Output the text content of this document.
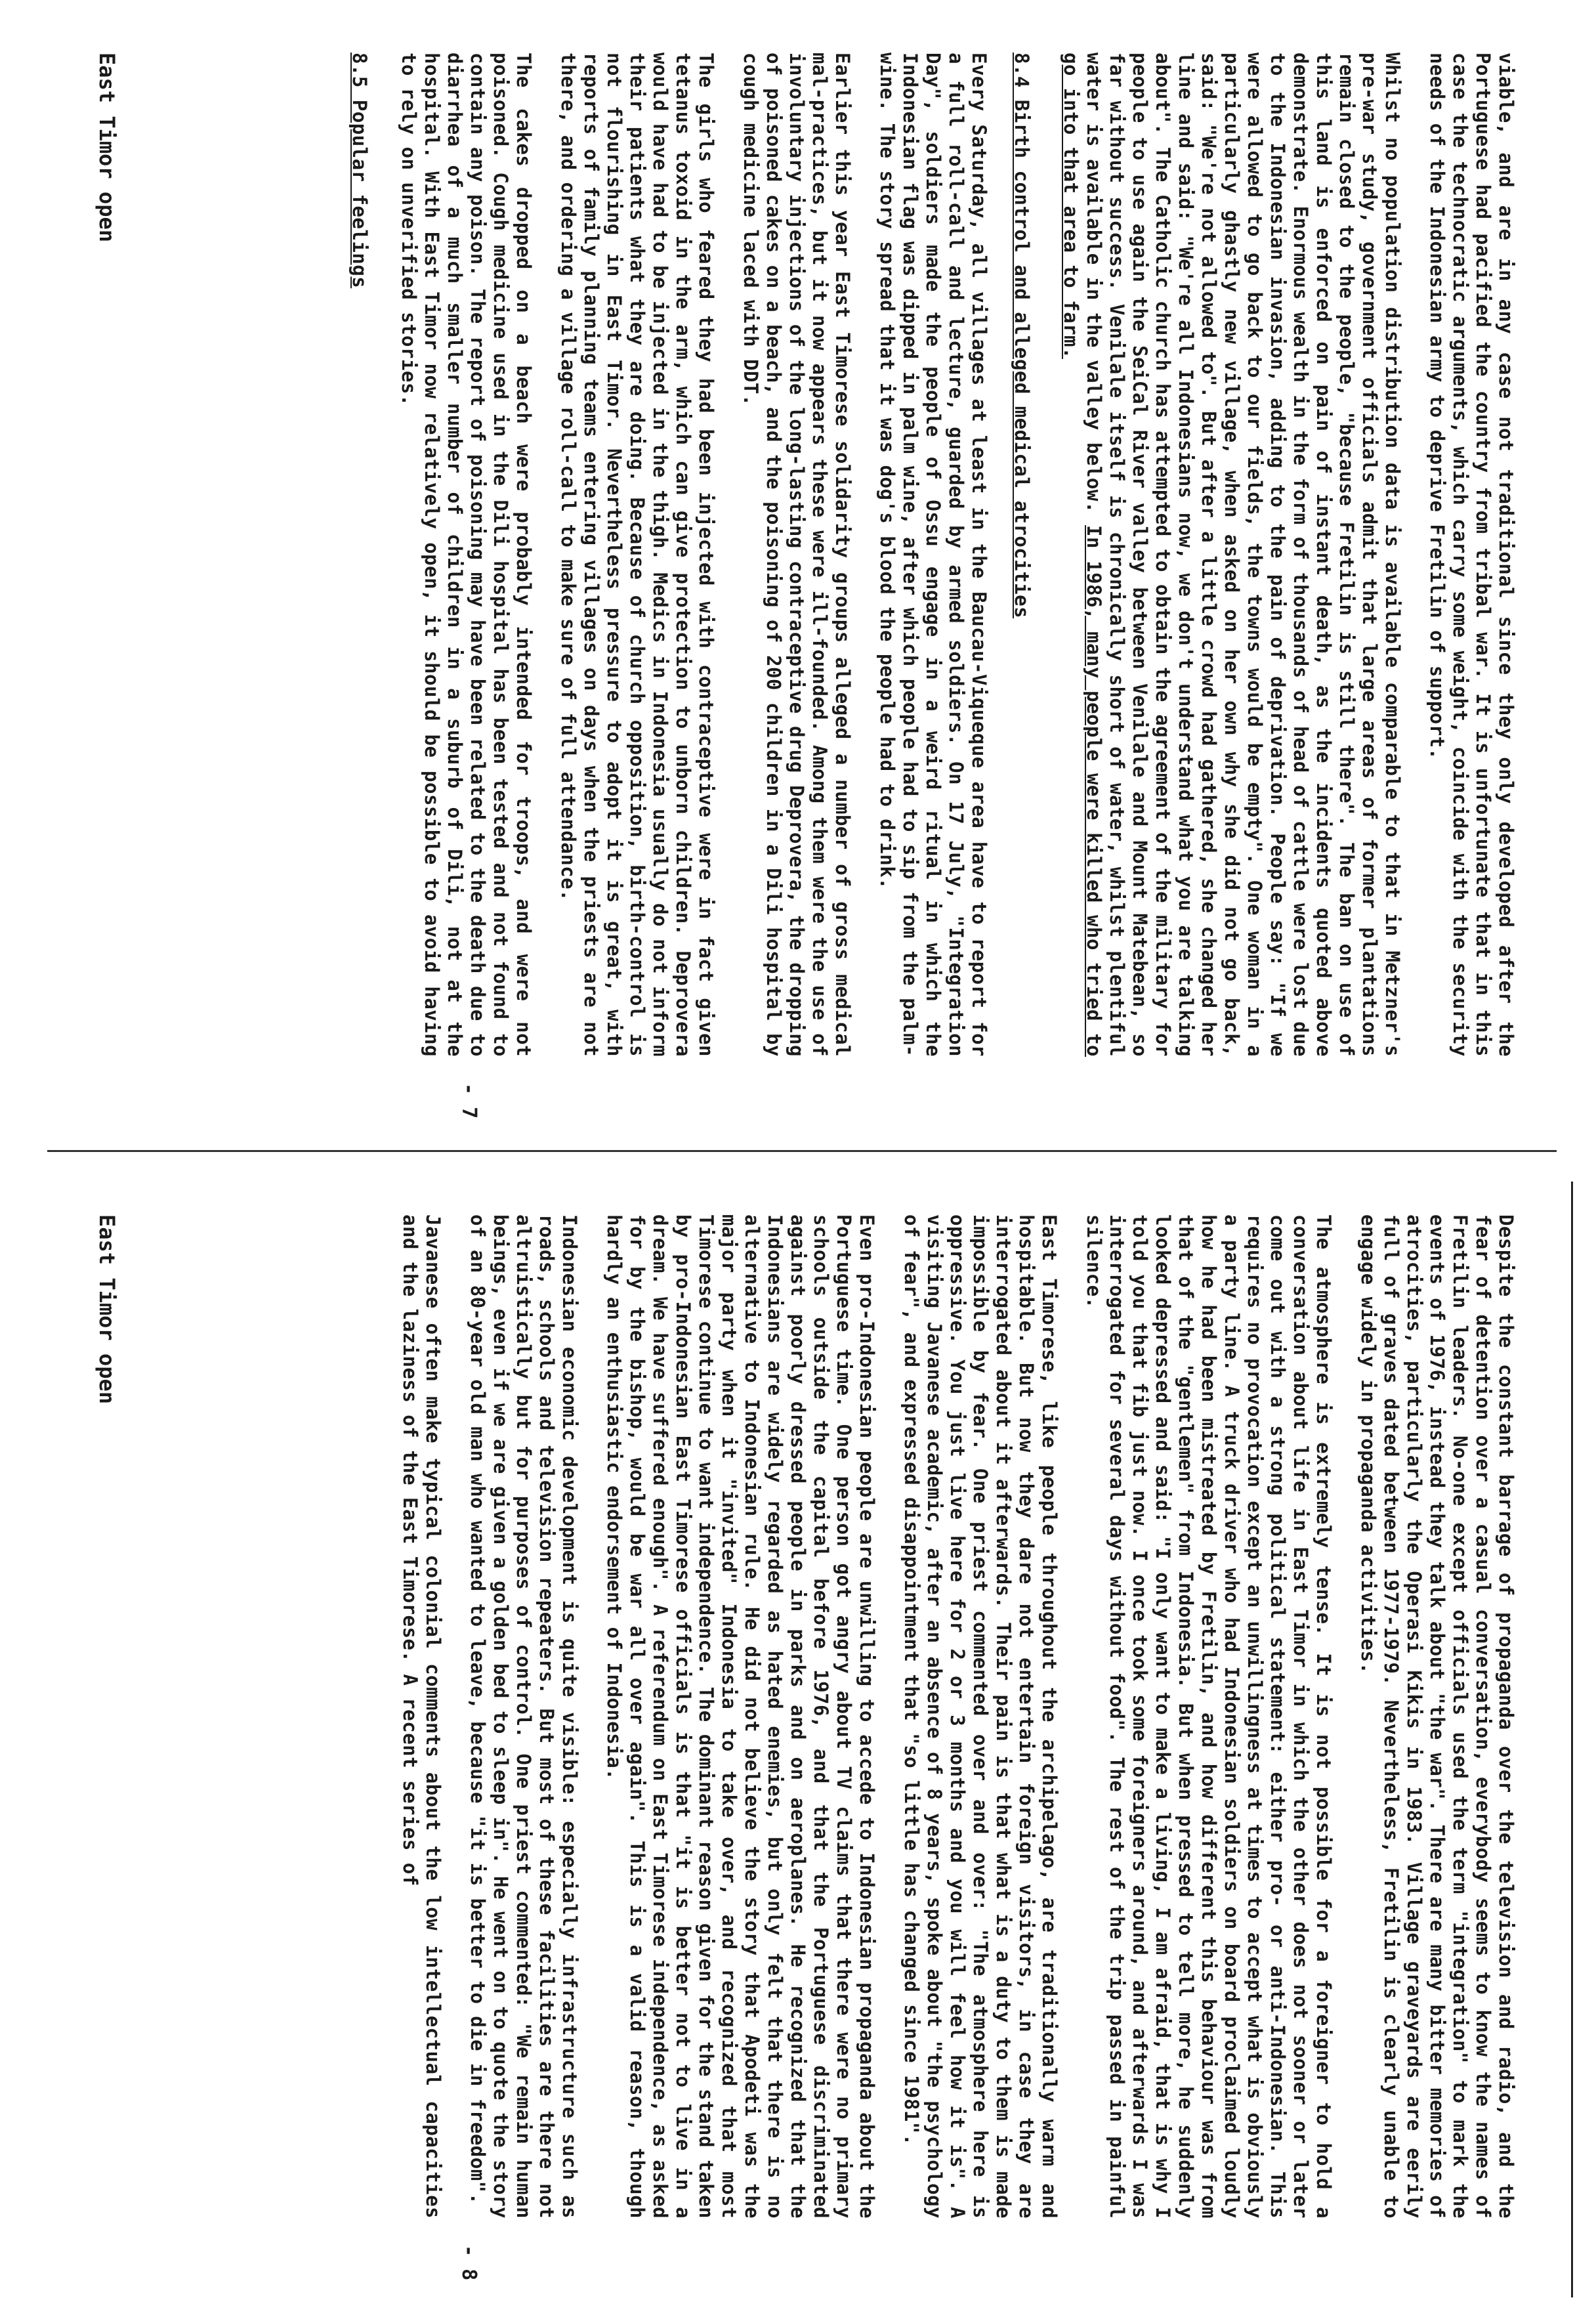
viable, and are in any case not traditional since they only developed after the Portuguese had pacified the country from tribal war. It is unfortunate that in this case the technocratic arguments, which carry some weight, coincide with the security needs of the Indonesian army to deprive Fretilin of support.

Whilst no population distribution data is available comparable to that in Metzner's pre-war study, government officials admit that large areas of former plantations remain closed to the people, "because Fretilin is still there". The ban on use of this land is enforced on pain of instant death, as the incidents quoted above demonstrate. Enormous wealth in the form of thousands of head of cattle were lost due to the Indonesian invasion, adding to the pain of deprivation. People say: "If we were allowed to go back to our fields, the towns would be empty". One woman in a particularly ghastly new village, when asked on her own why she did not go back, said: "We're not allowed to". But after a little crowd had gathered, she changed her line and said: "We're all Indonesians now, we don't understand what you are talking about". The Catholic church has attempted to obtain the agreement of the military for people to use again the SeiCal River valley between Venilale and Mount Matebean, so far without success. Venilale itself is chronically short of water, whilst plentiful water is available in the valley below. In 1986, many people were killed who tried to go into that area to farm.

8.4 Birth control and alleged medical atrocities

Every Saturday, all villages at least in the Baucau-Viqueque area have to report for a full roll-call and lecture, guarded by armed soldiers. On 17 July, "Integration Day", soldiers made the people of Ossu engage in a weird ritual in which the Indonesian flag was dipped in palm wine, after which people had to sip from the palm-wine. The story spread that it was dog's blood the people had to drink.

Earlier this year East Timorese solidarity groups alleged a number of gross medical mal-practices, but it now appears these were ill-founded. Among them were the use of involuntary injections of the long-lasting contraceptive drug Deprovera, the dropping of poisoned cakes on a beach, and the poisoning of 200 children in a Dili hospital by cough medicine laced with DDT.

The girls who feared they had been injected with contraceptive were in fact given tetanus toxoid in the arm, which can give protection to unborn children. Deprovera would have had to be injected in the thigh. Medics in Indonesia usually do not inform their patients what they are doing. Because of church opposition, birth-control is not flourishing in East Timor. Nevertheless pressure to adopt it is great, with reports of family planning teams entering villages on days when the priests are not there, and ordering a village roll-call to make sure of full attendance.

The cakes dropped on a beach were probably intended for troops, and were not poisoned. Cough medicine used in the Dili hospital has been tested and not found to contain any poison. The report of poisoning may have been related to the death due to diarrhea of a much smaller number of children in a suburb of Dili, not at the hospital. With East Timor now relatively open, it should be possible to avoid having to rely on unverified stories.

8.5 Popular feelings
- 7
East Timor open

Despite the constant barrage of propaganda over the television and radio, and the fear of detention over a casual conversation, everybody seems to know the names of Fretilin leaders. No-one except officials used the term "integration" to mark the events of 1976, instead they talk about "the war". There are many bitter memories of atrocities, particularly the Operasi Kikis in 1983. Village graveyards are eerily full of graves dated between 1977-1979. Nevertheless, Fretilin is clearly unable to engage widely in propaganda activities.

The atmosphere is extremely tense. It is not possible for a foreigner to hold a conversation about life in East Timor in which the other does not sooner or later come out with a strong political statement: either pro- or anti-Indonesian. This requires no provocation except an unwillingness at times to accept what is obviously a party line. A truck driver who had Indonesian soldiers on board proclaimed loudly how he had been mistreated by Fretilin, and how different this behaviour was from that of the "gentlemen" from Indonesia. But when pressed to tell more, he suddenly looked depressed and said: "I only want to make a living, I am afraid, that is why I told you that fib just now. I once took some foreigners around, and afterwards I was interrogated for several days without food". The rest of the trip passed in painful silence.

East Timorese, like people throughout the archipelago, are traditionally warm and hospitable. But now they dare not entertain foreign visitors, in case they are interrogated about it afterwards. Their pain is that what is a duty to them is made impossible by fear. One priest commented over and over: "The atmosphere here is oppressive. You just live here for 2 or 3 months and you will feel how it is". A visiting Javanese academic, after an absence of 8 years, spoke about "the psychology of fear", and expressed disappointment that "so little has changed since 1981".

Even pro-Indonesian people are unwilling to accede to Indonesian propaganda about the Portuguese time. One person got angry about TV claims that there were no primary schools outside the capital before 1976, and that the Portuguese discriminated against poorly dressed people in parks and on aeroplanes. He recognized that the Indonesians are widely regarded as hated enemies, but only felt that there is no alternative to Indonesian rule. He did not believe the story that Apodeti was the major party when it "invited" Indonesia to take over, and recognized that most Timorese continue to want independence. The dominant reason given for the stand taken by pro-Indonesian East Timorese officials is that "it is better not to live in a dream. We have suffered enough". A referendum on East Timorese independence, as asked for by the bishop, would be war all over again". This is a valid reason, though hardly an enthusiastic endorsement of Indonesia.

Indonesian economic development is quite visible: especially infrastructure such as roads, schools and television repeaters. But most of these facilities are there not altruistically but for purposes of control. One priest commented: "We remain human beings, even if we are given a golden bed to sleep in". He went on to quote the story of an 80-year old man who wanted to leave, because "it is better to die in freedom".

Javanese often make typical colonial comments about the low intellectual capacities and the laziness of the East Timorese. A recent series of

- 8
East Timor open
